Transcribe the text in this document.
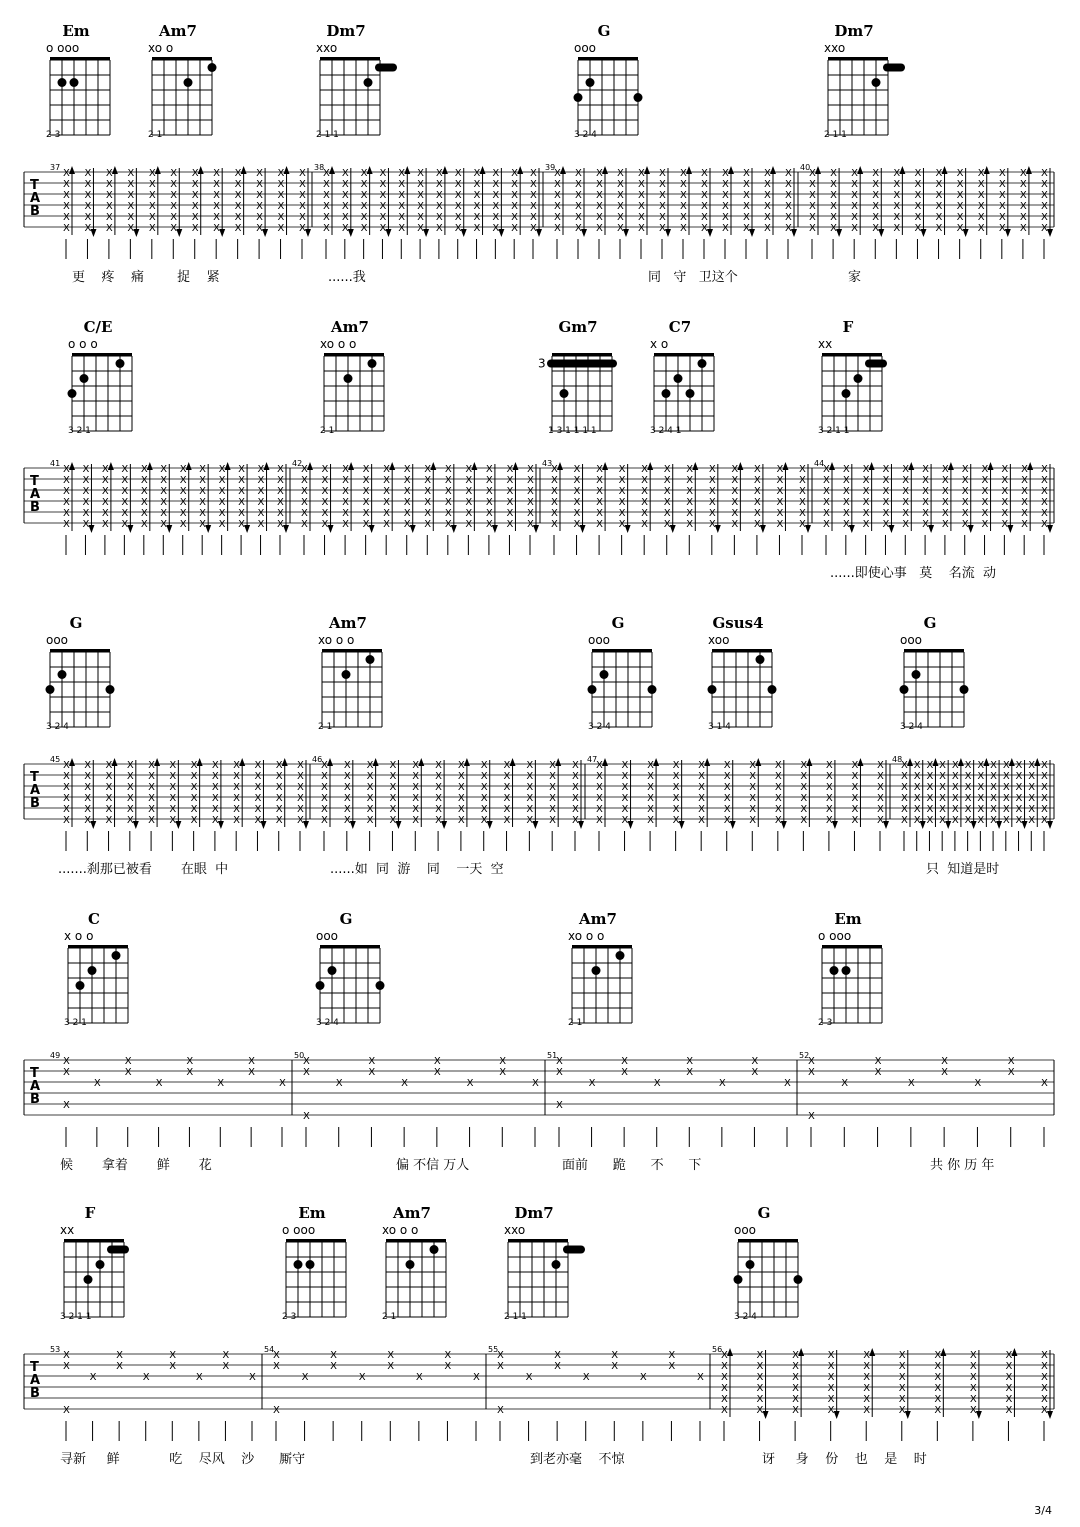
Em
o ooo
2 3
Am7
xo o
2 1
Dm7
xxo
2 1 1
G
ooo
3 2 4
Dm7
xxo
2 1 1
T
A
B
37	38	39	40
X
X
X
X
X
X
X
X
X
X
X
X
X
X
X
X
X
X
X
X
X
X
X
X
X
X
X
X
X
X
X
X
X
X
X
X
X
X
X
X
X
X
X
X
X
X
X
X
X
X
X
X
X
X
X
X
X
X
X
X
X
X
X
X
X
X
X
X
X
X
X
X
X
X
X
X
X
X
X
X
X
X
X
X
X
X
X
X
X
X
X
X
X
X
X
X
X
X
X
X
X
X
X
X
X
X
X
X
X
X
X
X
X
X
X
X
X
X
X
X
X
X
X
X
X
X
X
X
X
X
X
X
X
X
X
X
X
X
X
X
X
X
X
X
X
X
X
X
X
X
X
X
X
X
X
X
X
X
X
X
X
X
X
X
X
X
X
X
X
X
X
X
X
X
X
X
X
X
X
X
X
X
X
X
X
X
X
X
X
X
X
X
X
X
X
X
X
X
X
X
X
X
X
X
X
X
X
X
X
X
X
X
X
X
X
X
X
X
X
X
X
X
X
X
X
X
X
X
X
X
X
X
X
X
X
X
X
X
X
X
X
X
X
X
X
X
X
X
X
X
X
X
X
X
X
X
X
X
X
X
X
X
X
X
X
X
X
X
X
X
X
X
X
X
X
X
X
X
X
X
X
X
X
X
X
X
X
X
更    疼    痛        捉    紧	......我	同   守   卫这个	家
C/E
o o o
3 2 1
Am7
xo o o
2 1
Gm7
3
1 3 1 1 1 1
C7
x o
3 2 4 1
F
xx
3 2 1 1
T
A
B
41	42	43	44
X
X
X
X
X
X
X
X
X
X
X
X
X
X
X
X
X
X
X
X
X
X
X
X
X
X
X
X
X
X
X
X
X
X
X
X
X
X
X
X
X
X
X
X
X
X
X
X
X
X
X
X
X
X
X
X
X
X
X
X
X
X
X
X
X
X
X
X
X
X
X
X
X
X
X
X
X
X
X
X
X
X
X
X
X
X
X
X
X
X
X
X
X
X
X
X
X
X
X
X
X
X
X
X
X
X
X
X
X
X
X
X
X
X
X
X
X
X
X
X
X
X
X
X
X
X
X
X
X
X
X
X
X
X
X
X
X
X
X
X
X
X
X
X
X
X
X
X
X
X
X
X
X
X
X
X
X
X
X
X
X
X
X
X
X
X
X
X
X
X
X
X
X
X
X
X
X
X
X
X
X
X
X
X
X
X
X
X
X
X
X
X
X
X
X
X
X
X
X
X
X
X
X
X
X
X
X
X
X
X
X
X
X
X
X
X
X
X
X
X
X
X
X
X
X
X
X
X
X
X
X
X
X
X
X
X
X
X
X
X
X
X
X
X
X
X
X
X
X
X
X
X
X
X
X
X
X
X
X
X
X
X
X
X
X
X
X
X
X
X
X
X
X
X
X
X
X
X
X
X
X
X
X
X
X
X
X
X
......即使心事   莫    名流  动
G
ooo
3 2 4
Am7
xo o o
2 1
G
ooo
3 2 4
Gsus4
xoo
3 1 4
G
ooo
3 2 4
T
A
B
45	46	47	48
X
X
X
X
X
X
X
X
X
X
X
X
X
X
X
X
X
X
X
X
X
X
X
X
X
X
X
X
X
X
X
X
X
X
X
X
X
X
X
X
X
X
X
X
X
X
X
X
X
X
X
X
X
X
X
X
X
X
X
X
X
X
X
X
X
X
X
X
X
X
X
X
X
X
X
X
X
X
X
X
X
X
X
X
X
X
X
X
X
X
X
X
X
X
X
X
X
X
X
X
X
X
X
X
X
X
X
X
X
X
X
X
X
X
X
X
X
X
X
X
X
X
X
X
X
X
X
X
X
X
X
X
X
X
X
X
X
X
X
X
X
X
X
X
X
X
X
X
X
X
X
X
X
X
X
X
X
X
X
X
X
X
X
X
X
X
X
X
X
X
X
X
X
X
X
X
X
X
X
X
X
X
X
X
X
X
X
X
X
X
X
X
X
X
X
X
X
X
X
X
X
X
X
X
X
X
X
X
X
X
X
X
X
X
X
X
X
X
X
X
X
X
X
X
X
X
X
X
X
X
X
X
X
X
X
X
X
X
X
X
X
X
X
X
X
X
X
X
X
X
X
X
X
X
X
X
X
X
X
X
X
X
X
X
X
X
X
X
X
X
X
X
X
X
X
X
X
X
X
X
X
X
X
X
X
X
X
X
.......刹那已被看       在眼  中	......如  同  游    同    一天  空	只  知道是时
C
x o o
3 2 1
G
ooo
3 2 4
Am7
xo o o
2 1
Em
o ooo
2 3
T
A
B
49	50	51	52
X
X
X
X
X
X
X
X
X
X
X
X
X
X
X
X
X
X
X
X
X
X
X
X
X
X
X
X
X
X
X
X
X
X
X
X
X
X
X
X
X
X
X
X
X
X
X
X
X
X
X
X
候       拿着       鲜       花	偏 不信 万人	面前      跪      不      下	共 你 历 年
F
xx
3 2 1 1
Em
o ooo
2 3
Am7
xo o o
2 1
Dm7
xxo
2 1 1
G
ooo
3 2 4
T
A
B
53	54	55	56
X
X
X
X
X
X
X
X
X
X
X
X
X
X
X
X
X
X
X
X
X
X
X
X
X
X
X
X
X
X
X
X
X
X
X
X
X
X
X
X
X
X
X
X
X
X
X
X
X
X
X
X
X
X
X
X
X
X
X
X
X
X
X
X
X
X
X
X
X
X
X
X
X
X
X
X
X
X
X
X
X
X
X
X
X
X
X
X
X
X
X
X
X
X
X
X
X
X
X
寻新     鲜            吃    尽风    沙      厮守	到老亦毫    不惊	讶     身    份    也    是    时
3/4
